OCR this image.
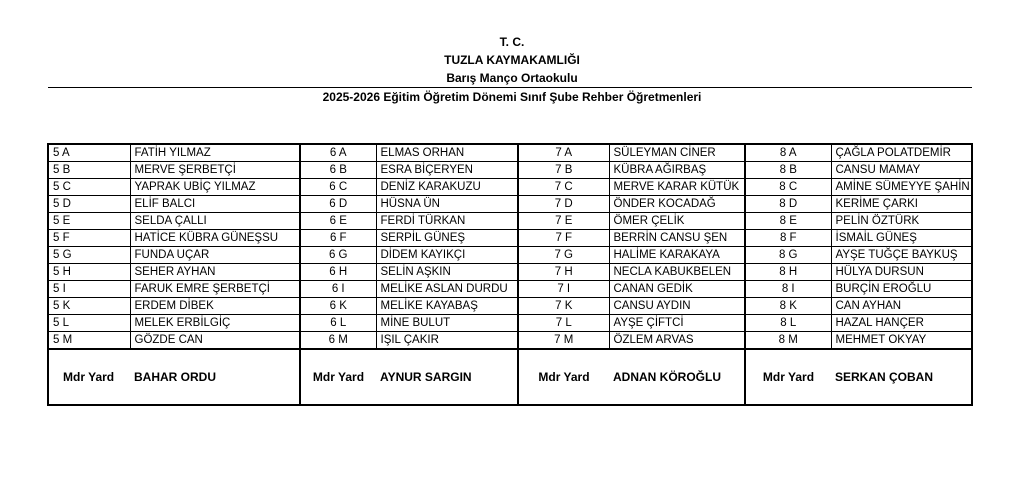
T. C.
TUZLA KAYMAKAMLIĞI
Barış Manço Ortaokulu
2025-2026 Eğitim Öğretim Dönemi Sınıf Şube Rehber Öğretmenleri
5 A	FATİH YILMAZ	6 A	ELMAS ORHAN	7 A	SÜLEYMAN CİNER	8 A	ÇAĞLA POLATDEMİR
5 B	MERVE ŞERBETÇİ	6 B	ESRA BİÇERYEN	7 B	KÜBRA AĞIRBAŞ	8 B	CANSU MAMAY
5 C	YAPRAK UBİÇ YILMAZ	6 C	DENİZ KARAKUZU	7 C	MERVE KARAR KÜTÜK	8 C	AMİNE SÜMEYYE ŞAHİN
5 D	ELİF BALCI	6 D	HÜSNA ÜN	7 D	ÖNDER KOCADAĞ	8 D	KERİME ÇARKI
5 E	SELDA ÇALLI	6 E	FERDİ TÜRKAN	7 E	ÖMER ÇELİK	8 E	PELİN ÖZTÜRK
5 F	HATİCE KÜBRA GÜNEŞSU	6 F	SERPİL GÜNEŞ	7 F	BERRİN CANSU ŞEN	8 F	İSMAİL GÜNEŞ
5 G	FUNDA UÇAR	6 G	DİDEM KAYIKÇI	7 G	HALİME KARAKAYA	8 G	AYŞE TUĞÇE BAYKUŞ
5 H	SEHER AYHAN	6 H	SELİN AŞKIN	7 H	NECLA KABUKBELEN	8 H	HÜLYA DURSUN
5 I	FARUK EMRE ŞERBETÇİ	6 I	MELİKE ASLAN DURDU	7 I	CANAN GEDİK	8 I	BURÇİN EROĞLU
5 K	ERDEM DİBEK	6 K	MELİKE KAYABAŞ	7 K	CANSU AYDIN	8 K	CAN AYHAN
5 L	MELEK ERBİLGİÇ	6 L	MİNE BULUT	7 L	AYŞE ÇİFTCİ	8 L	HAZAL HANÇER
5 M	GÖZDE CAN	6 M	IŞIL ÇAKIR	7 M	ÖZLEM ARVAS	8 M	MEHMET OKYAY
Mdr Yard	BAHAR ORDU	Mdr Yard	AYNUR SARGIN	Mdr Yard	ADNAN KÖROĞLU	Mdr Yard	SERKAN ÇOBAN
